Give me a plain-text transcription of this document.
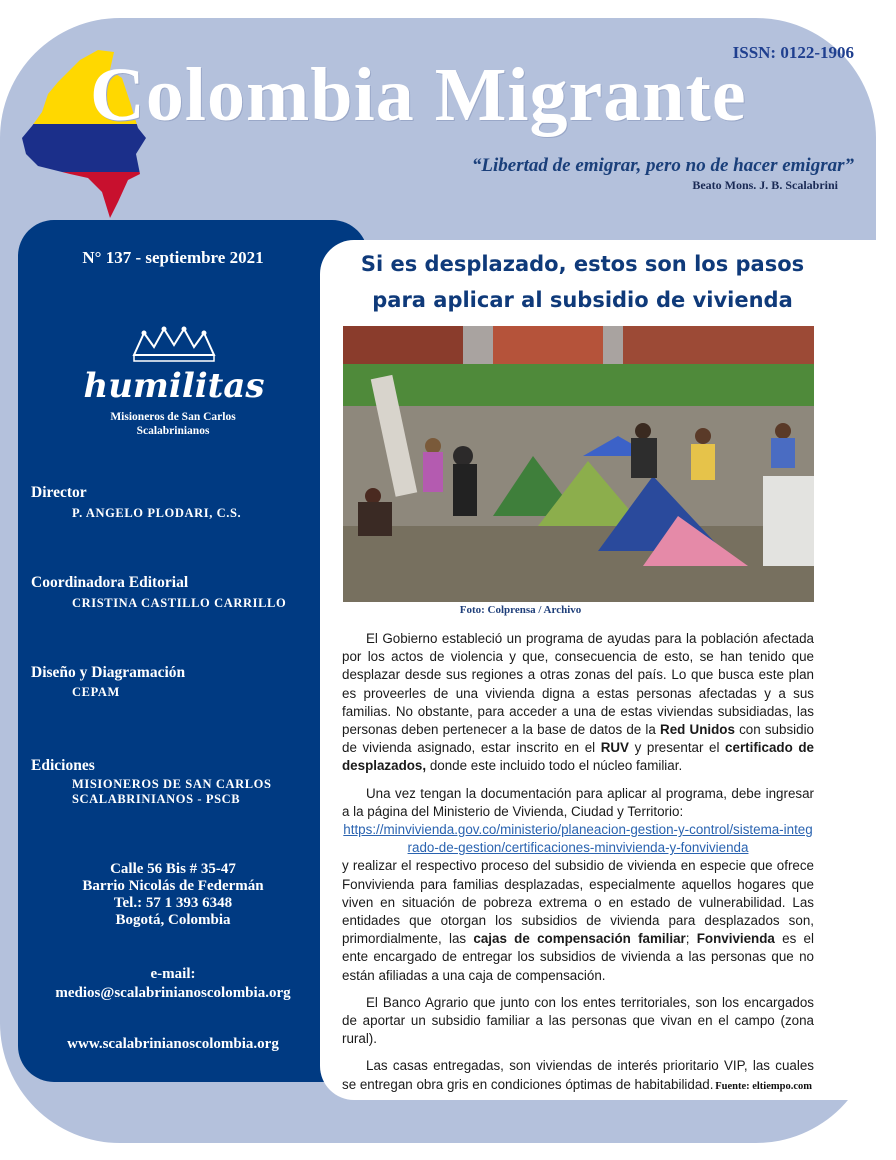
ISSN: 0122-1906
Colombia Migrante
“Libertad de emigrar, pero no de hacer emigrar”
Beato Mons. J. B. Scalabrini
N° 137 - septiembre 2021
humilitas
Misioneros de San Carlos
Scalabrinianos
Director
P. ANGELO PLODARI, C.S.
Coordinadora Editorial
CRISTINA CASTILLO CARRILLO
Diseño y Diagramación
CEPAM
Ediciones
MISIONEROS DE SAN CARLOS
SCALABRINIANOS - PSCB
Calle 56 Bis # 35-47
Barrio Nicolás de Federmán
Tel.: 57 1 393 6348
Bogotá, Colombia
e-mail:
medios@scalabrinianoscolombia.org
www.scalabrinianoscolombia.org
Si es desplazado, estos son los pasos
para aplicar al subsidio de vivienda
Foto: Colprensa / Archivo

El Gobierno estableció un programa de ayudas para la población afectada por los actos de violencia y que, consecuencia de esto, se han tenido que desplazar desde sus regiones a otras zonas del país. Lo que busca este plan es proveerles de una vivienda digna a estas personas afectadas y a sus familias. No obstante, para acceder a una de estas viviendas subsidiadas, las personas deben pertenecer a la base de datos de la Red Unidos con subsidio de vivienda asignado, estar inscrito en el RUV y presentar el certificado de desplazados, donde este incluido todo el núcleo familiar.

Una vez tengan la documentación para aplicar al programa, debe ingresar a la página del Ministerio de Vivienda, Ciudad y Territorio:
https://minvivienda.gov.co/ministerio/planeacion-gestion-y-control/sistema-integrado-de-gestion/certificaciones-minvivienda-y-fonvivienda
y realizar el respectivo proceso del subsidio de vivienda en especie que ofrece Fonvivienda para familias desplazadas, especialmente aquellos hogares que viven en situación de pobreza extrema o en estado de vulnerabilidad. Las entidades que otorgan los subsidios de vivienda para desplazados son, primordialmente, las cajas de compensación familiar; Fonvivienda es el ente encargado de entregar los subsidios de vivienda a las personas que no están afiliadas a una caja de compensación.

El Banco Agrario que junto con los entes territoriales, son los encargados de aportar un subsidio familiar a las personas que vivan en el campo (zona rural).

Las casas entregadas, son viviendas de interés prioritario VIP, las cuales se entregan obra gris en condiciones óptimas de habitabilidad. Fuente: eltiempo.com
